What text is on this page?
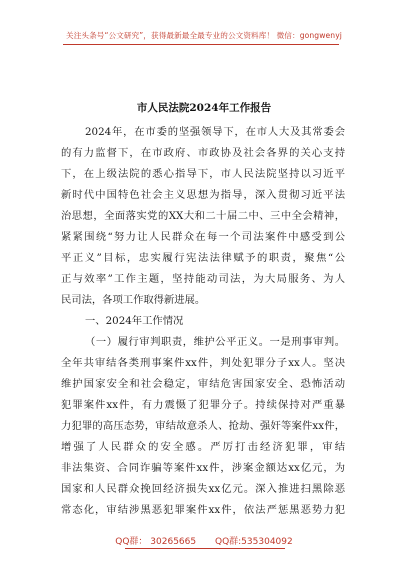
关注头条号“公文研究”，获得最新最全最专业的公文资料库！ 微信：gongwenyj
市人民法院2024年工作报告
2024年，在市委的坚强领导下，在市人大及其常委会
的有力监督下，在市政府、市政协及社会各界的关心支持
下，在上级法院的悉心指导下，市人民法院坚持以习近平
新时代中国特色社会主义思想为指导，深入贯彻习近平法
治思想，全面落实党的XX大和二十届二中、三中全会精神，
紧紧围绕“努力让人民群众在每一个司法案件中感受到公
平正义”目标，忠实履行宪法法律赋予的职责，聚焦“公
正与效率”工作主题，坚持能动司法，为大局服务、为人
民司法，各项工作取得新进展。
一、2024年工作情况
（一）履行审判职责，维护公平正义。一是刑事审判。
全年共审结各类刑事案件xx件，判处犯罪分子xx人。坚决
维护国家安全和社会稳定，审结危害国家安全、恐怖活动
犯罪案件xx件，有力震慑了犯罪分子。持续保持对严重暴
力犯罪的高压态势，审结故意杀人、抢劫、强奸等案件xx件，
增强了人民群众的安全感。严厉打击经济犯罪，审结
非法集资、合同诈骗等案件xx件，涉案金额达xx亿元，为
国家和人民群众挽回经济损失xx亿元。深入推进扫黑除恶
常态化，审结涉黑恶犯罪案件xx件，依法严惩黑恶势力犯
QQ群： 30265665 QQ群:535304092
